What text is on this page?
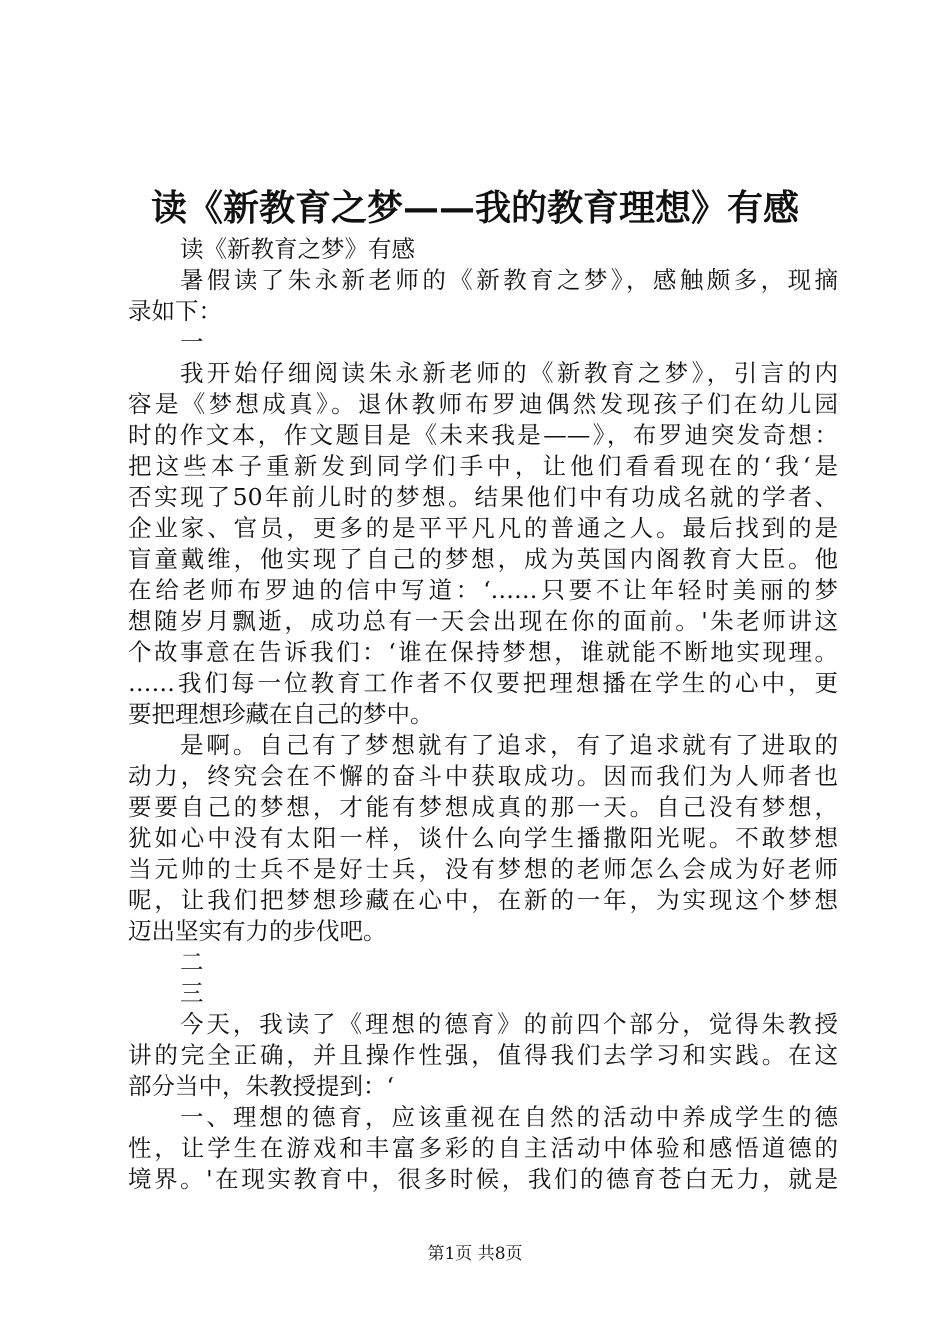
读《新教育之梦——我的教育理想》有感
读《新教育之梦》有感
暑假读了朱永新老师的《新教育之梦》，感触颇多，现摘
录如下：
一
我开始仔细阅读朱永新老师的《新教育之梦》，引言的内
容是《梦想成真》。退休教师布罗迪偶然发现孩子们在幼儿园
时的作文本，作文题目是《未来我是——》，布罗迪突发奇想：
把这些本子重新发到同学们手中，让他们看看现在的‘我‘是
否实现了50年前儿时的梦想。结果他们中有功成名就的学者、
企业家、官员，更多的是平平凡凡的普通之人。最后找到的是
盲童戴维，他实现了自己的梦想，成为英国内阁教育大臣。他
在给老师布罗迪的信中写道：‘……只要不让年轻时美丽的梦
想随岁月飘逝，成功总有一天会出现在你的面前。'朱老师讲这
个故事意在告诉我们：‘谁在保持梦想，谁就能不断地实现理。
……我们每一位教育工作者不仅要把理想播在学生的心中，更
要把理想珍藏在自己的梦中。
是啊。自己有了梦想就有了追求，有了追求就有了进取的
动力，终究会在不懈的奋斗中获取成功。因而我们为人师者也
要要自己的梦想，才能有梦想成真的那一天。自己没有梦想，
犹如心中没有太阳一样，谈什么向学生播撒阳光呢。不敢梦想
当元帅的士兵不是好士兵，没有梦想的老师怎么会成为好老师
呢，让我们把梦想珍藏在心中，在新的一年，为实现这个梦想
迈出坚实有力的步伐吧。
二
三
今天，我读了《理想的德育》的前四个部分，觉得朱教授
讲的完全正确，并且操作性强，值得我们去学习和实践。在这
部分当中，朱教授提到：‘
一、理想的德育，应该重视在自然的活动中养成学生的德
性，让学生在游戏和丰富多彩的自主活动中体验和感悟道德的
境界。'在现实教育中，很多时候，我们的德育苍白无力，就是
第1页 共8页
